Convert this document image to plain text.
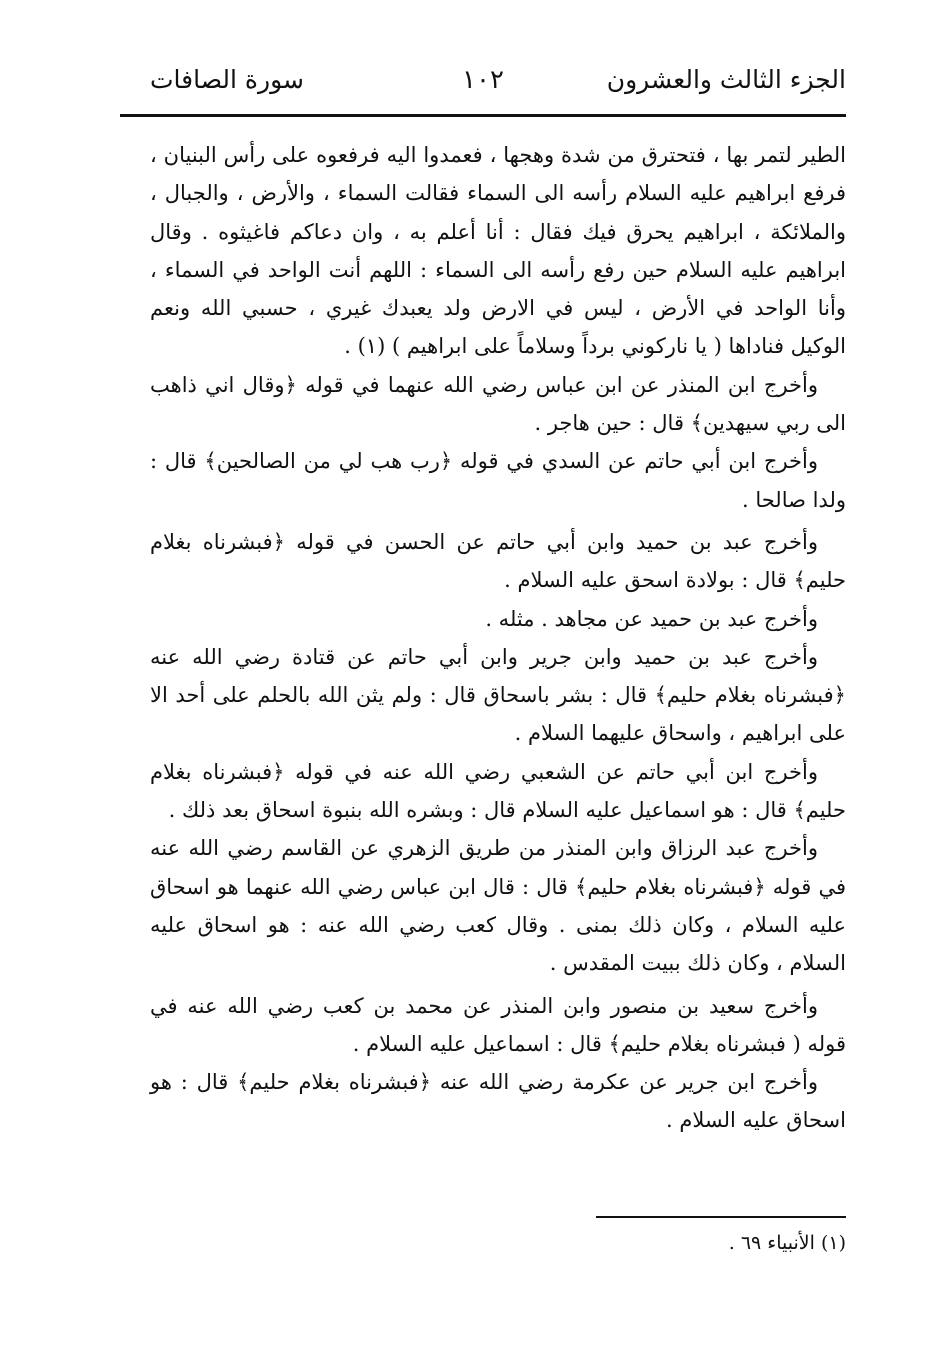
الجزء الثالث والعشرون
١٠٢
سورة الصافات

الطير لتمر بها ، فتحترق من شدة وهجها ، فعمدوا اليه فرفعوه على رأس البنيان ، فرفع ابراهيم عليه السلام رأسه الى السماء فقالت السماء ، والأرض ، والجبال ، والملائكة ، ابراهيم يحرق فيك فقال : أنا أعلم به ، وان دعاكم فاغيثوه . وقال ابراهيم عليه السلام حين رفع رأسه الى السماء : اللهم أنت الواحد في السماء ، وأنا الواحد في الأرض ، ليس في الارض ولد يعبدك غيري ، حسبي الله ونعم الوكيل فناداها ( يا ناركوني برداً وسلاماً على ابراهيم ) (١) .

وأخرج ابن المنذر عن ابن عباس رضي الله عنهما في قوله ﴿وقال اني ذاهب الى ربي سيهدين﴾ قال : حين هاجر .

وأخرج ابن أبي حاتم عن السدي في قوله ﴿رب هب لي من الصالحين﴾ قال : ولدا صالحا .

وأخرج عبد بن حميد وابن أبي حاتم عن الحسن في قوله ﴿فبشرناه بغلام حليم﴾ قال : بولادة اسحق عليه السلام .

وأخرج عبد بن حميد عن مجاهد . مثله .

وأخرج عبد بن حميد وابن جرير وابن أبي حاتم عن قتادة رضي الله عنه ﴿فبشرناه بغلام حليم﴾ قال : بشر باسحاق قال : ولم يثن الله بالحلم على أحد الا على ابراهيم ، واسحاق عليهما السلام .

وأخرج ابن أبي حاتم عن الشعبي رضي الله عنه في قوله ﴿فبشرناه بغلام حليم﴾ قال : هو اسماعيل عليه السلام قال : وبشره الله بنبوة اسحاق بعد ذلك .

وأخرج عبد الرزاق وابن المنذر من طريق الزهري عن القاسم رضي الله عنه في قوله ﴿فبشرناه بغلام حليم﴾ قال : قال ابن عباس رضي الله عنهما هو اسحاق عليه السلام ، وكان ذلك بمنى . وقال كعب رضي الله عنه : هو اسحاق عليه السلام ، وكان ذلك ببيت المقدس .

وأخرج سعيد بن منصور وابن المنذر عن محمد بن كعب رضي الله عنه في قوله ( فبشرناه بغلام حليم﴾ قال : اسماعيل عليه السلام .

وأخرج ابن جرير عن عكرمة رضي الله عنه ﴿فبشرناه بغلام حليم﴾ قال : هو اسحاق عليه السلام .

(١) الأنبياء ٦٩ .
